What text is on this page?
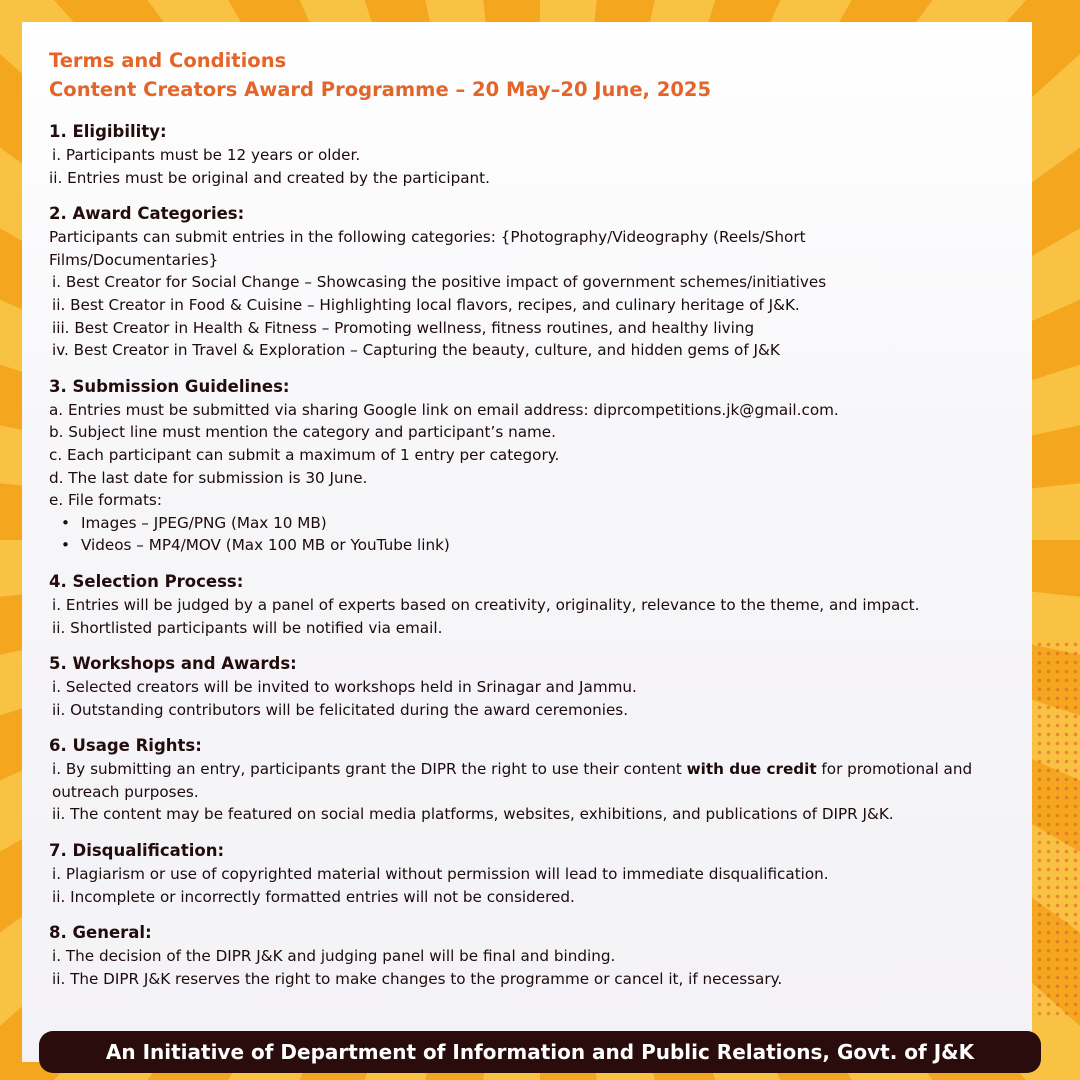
Terms and Conditions

Content Creators Award Programme – 20 May–20 June, 2025

1. Eligibility:

i. Participants must be 12 years or older.

ii. Entries must be original and created by the participant.

2. Award Categories:

Participants can submit entries in the following categories: {Photography/Videography (Reels/Short Films/Documentaries}

i. Best Creator for Social Change – Showcasing the positive impact of government schemes/initiatives

ii. Best Creator in Food & Cuisine – Highlighting local flavors, recipes, and culinary heritage of J&K.

iii. Best Creator in Health & Fitness – Promoting wellness, fitness routines, and healthy living

iv. Best Creator in Travel & Exploration – Capturing the beauty, culture, and hidden gems of J&K

3. Submission Guidelines:

a. Entries must be submitted via sharing Google link on email address: diprcompetitions.jk@gmail.com.

b. Subject line must mention the category and participant’s name.

c. Each participant can submit a maximum of 1 entry per category.

d. The last date for submission is 30 June.

e. File formats:

• Images – JPEG/PNG (Max 10 MB)

• Videos – MP4/MOV (Max 100 MB or YouTube link)

4. Selection Process:

i. Entries will be judged by a panel of experts based on creativity, originality, relevance to the theme, and impact.

ii. Shortlisted participants will be notified via email.

5. Workshops and Awards:

i. Selected creators will be invited to workshops held in Srinagar and Jammu.

ii. Outstanding contributors will be felicitated during the award ceremonies.

6. Usage Rights:

i. By submitting an entry, participants grant the DIPR the right to use their content with due credit for promotional and outreach purposes.

ii. The content may be featured on social media platforms, websites, exhibitions, and publications of DIPR J&K.

7. Disqualification:

i. Plagiarism or use of copyrighted material without permission will lead to immediate disqualification.

ii. Incomplete or incorrectly formatted entries will not be considered.

8. General:

i. The decision of the DIPR J&K and judging panel will be final and binding.

ii. The DIPR J&K reserves the right to make changes to the programme or cancel it, if necessary.

An Initiative of Department of Information and Public Relations, Govt. of J&K
